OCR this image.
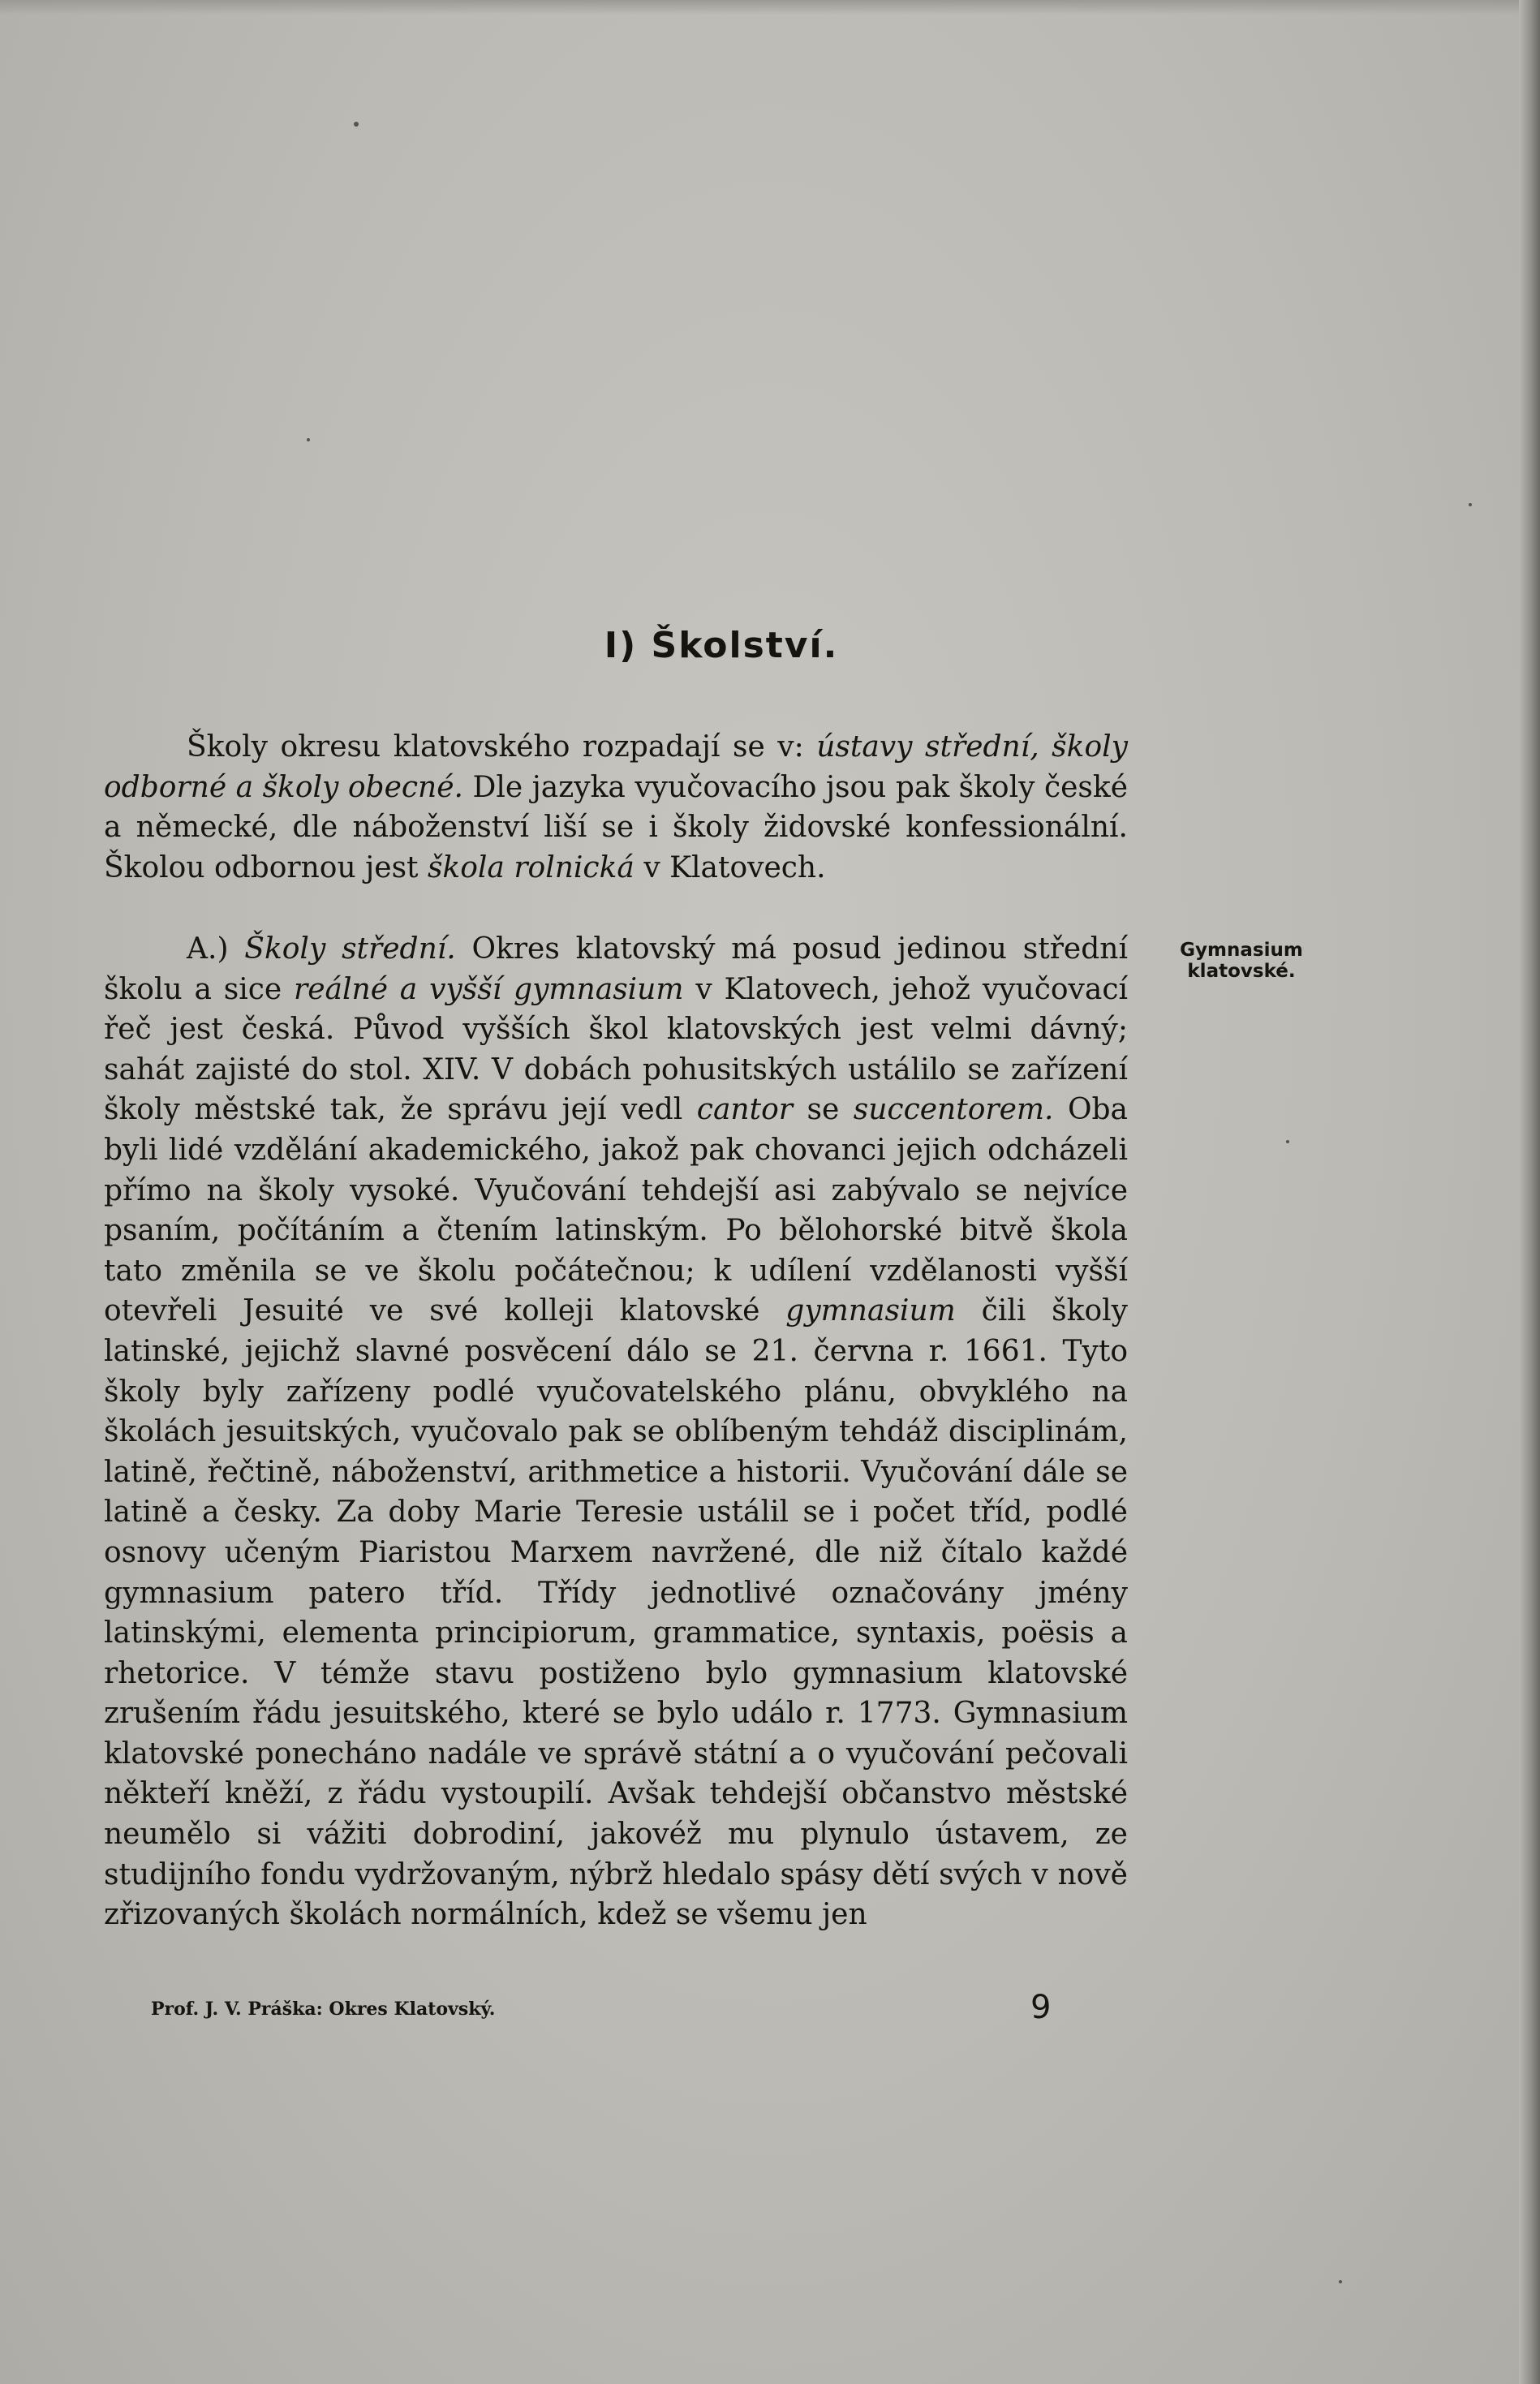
I) Školství.

Školy okresu klatovského rozpadají se v: ústavy střední, školy odborné a školy obecné. Dle jazyka vyučovacího jsou pak školy české a německé, dle náboženství liší se i školy židovské konfessionální. Školou odbornou jest škola rolnická v Klatovech.

A.) Školy střední. Okres klatovský má posud jedinou střední školu a sice reálné a vyšší gymnasium v Klatovech, jehož vyučovací řeč jest česká. Původ vyšších škol klatovských jest velmi dávný; sahát zajisté do stol. XIV. V dobách pohusitských ustálilo se zařízení školy městské tak, že správu její vedl cantor se succentorem. Oba byli lidé vzdělání akademického, jakož pak chovanci jejich odcházeli přímo na školy vysoké. Vyučování tehdejší asi zabývalo se nejvíce psaním, počítáním a čtením latinským. Po bělohorské bitvě škola tato změnila se ve školu počátečnou; k udílení vzdělanosti vyšší otevřeli Jesuité ve své kolleji klatovské gymnasium čili školy latinské, jejichž slavné posvěcení dálo se 21. června r. 1661. Tyto školy byly zařízeny podlé vyučovatelského plánu, obvyklého na školách jesuitských, vyučovalo pak se oblíbeným tehdáž disciplinám, latině, řečtině, náboženství, arithmetice a historii. Vyučování dále se latině a česky. Za doby Marie Teresie ustálil se i počet tříd, podlé osnovy učeným Piaristou Marxem navržené, dle niž čítalo každé gymnasium patero tříd. Třídy jednotlivé označovány jmény latinskými, elementa principiorum, grammatice, syntaxis, poësis a rhetorice. V témže stavu postiženo bylo gymnasium klatovské zrušením řádu jesuitského, které se bylo událo r. 1773. Gymnasium klatovské ponecháno nadále ve správě státní a o vyučování pečovali někteří kněží, z řádu vystoupilí. Avšak tehdejší občanstvo městské neumělo si vážiti dobrodiní, jakovéž mu plynulo ústavem, ze studijního fondu vydržovaným, nýbrž hledalo spásy dětí svých v nově zřizovaných školách normálních, kdež se všemu jen

Gymnasium
klatovské.
Prof. J. V. Práška: Okres Klatovský.	9
